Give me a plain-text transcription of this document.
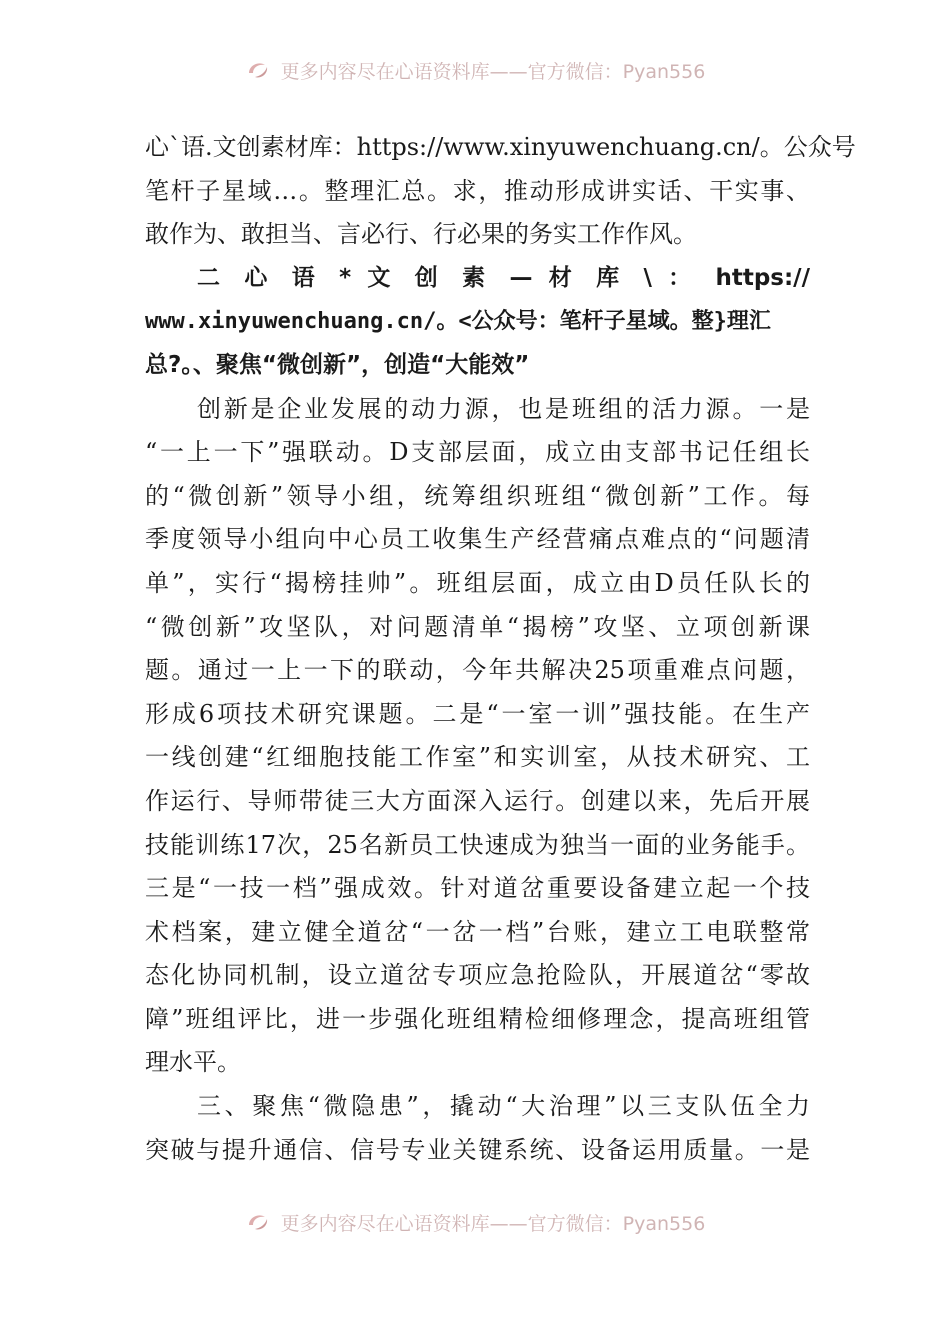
更多内容尽在心语资料库——官方微信：Pyan556
心`语.文创素材库：https://www.xinyuwenchuang.cn/。公众号
笔杆子星域…。整理汇总。求，推动形成讲实话、干实事、
敢作为、敢担当、言必行、行必果的务实工作作风。
二 心 语 * 文 创 素 — 材 库 \ ： https://
www.xinyuwenchuang.cn/。<公众号：笔杆子星域。整}理汇
总?。、聚焦“微创新”，创造“大能效”
创新是企业发展的动力源，也是班组的活力源。一是
“一上一下”强联动。D支部层面，成立由支部书记任组长
的“微创新”领导小组，统筹组织班组“微创新”工作。每
季度领导小组向中心员工收集生产经营痛点难点的“问题清
单”，实行“揭榜挂帅”。班组层面，成立由D员任队长的
“微创新”攻坚队，对问题清单“揭榜”攻坚、立项创新课
题。通过一上一下的联动，今年共解决25项重难点问题，
形成6项技术研究课题。二是“一室一训”强技能。在生产
一线创建“红细胞技能工作室”和实训室，从技术研究、工
作运行、导师带徒三大方面深入运行。创建以来，先后开展
技能训练17次，25名新员工快速成为独当一面的业务能手。
三是“一技一档”强成效。针对道岔重要设备建立起一个技
术档案，建立健全道岔“一岔一档”台账，建立工电联整常
态化协同机制，设立道岔专项应急抢险队，开展道岔“零故
障”班组评比，进一步强化班组精检细修理念，提高班组管
理水平。
三、聚焦“微隐患”，撬动“大治理”以三支队伍全力
突破与提升通信、信号专业关键系统、设备运用质量。一是
更多内容尽在心语资料库——官方微信：Pyan556
